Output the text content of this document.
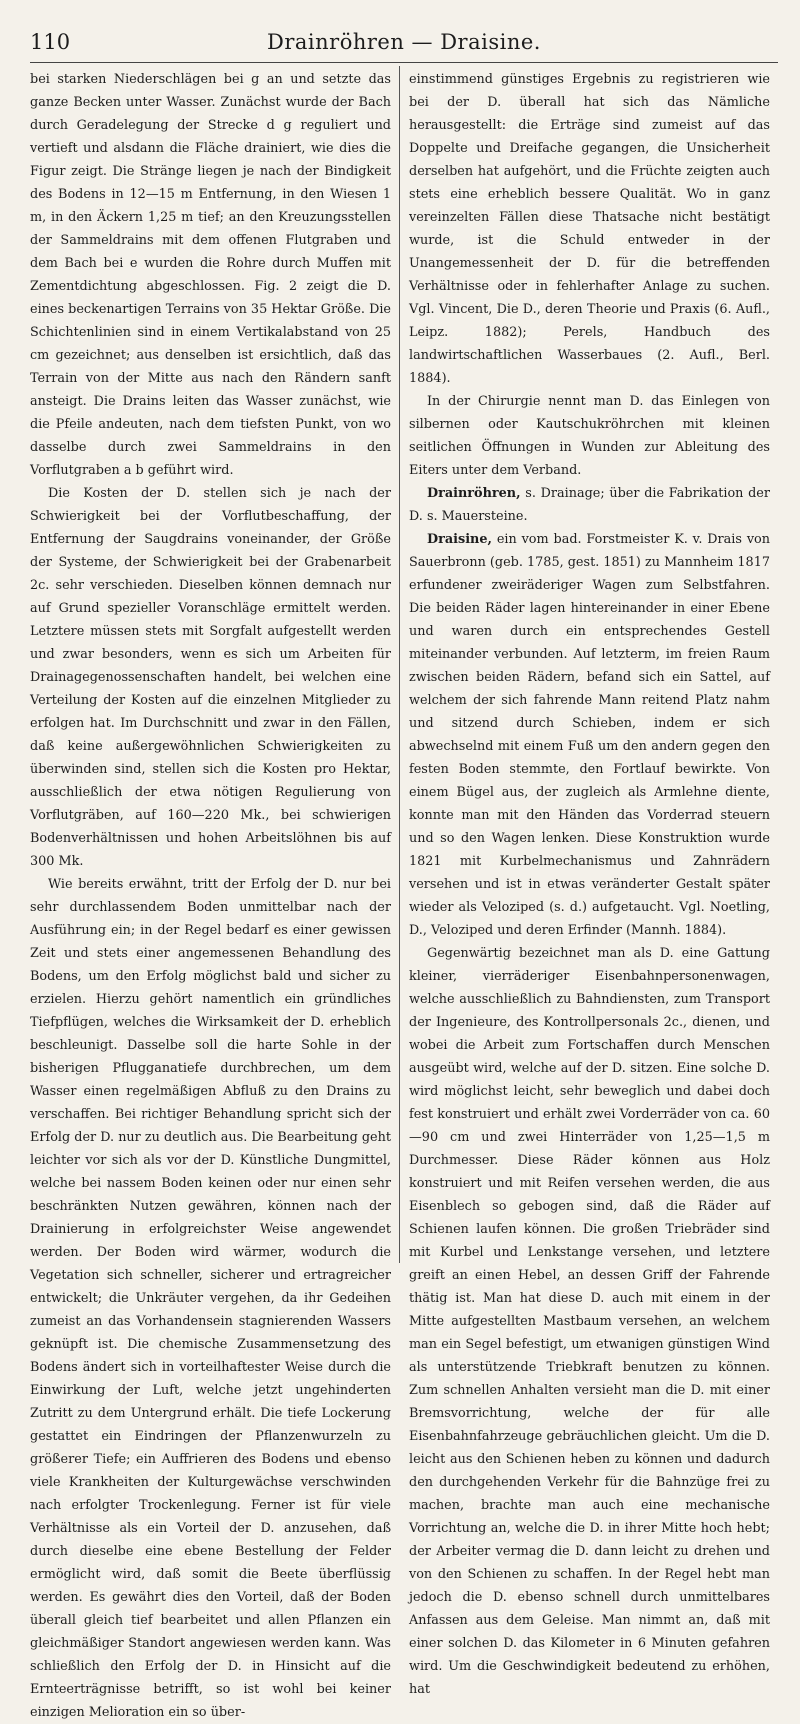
110	Drainröhren — Draisine.

bei starken Niederschlägen bei g an und setzte das ganze Becken unter Wasser. Zunächst wurde der Bach durch Geradelegung der Strecke d g reguliert und vertieft und alsdann die Fläche drainiert, wie dies die Figur zeigt. Die Stränge liegen je nach der Bindigkeit des Bodens in 12—15 m Entfernung, in den Wiesen 1 m, in den Äckern 1,25 m tief; an den Kreuzungsstellen der Sammeldrains mit dem offenen Flutgraben und dem Bach bei e wurden die Rohre durch Muffen mit Zementdichtung abgeschlossen. Fig. 2 zeigt die D. eines beckenartigen Terrains von 35 Hektar Größe. Die Schichtenlinien sind in einem Vertikalabstand von 25 cm gezeichnet; aus denselben ist ersichtlich, daß das Terrain von der Mitte aus nach den Rändern sanft ansteigt. Die Drains leiten das Wasser zunächst, wie die Pfeile andeuten, nach dem tiefsten Punkt, von wo dasselbe durch zwei Sammeldrains in den Vorflutgraben a b geführt wird.

Die Kosten der D. stellen sich je nach der Schwierigkeit bei der Vorflutbeschaffung, der Entfernung der Saugdrains voneinander, der Größe der Systeme, der Schwierigkeit bei der Grabenarbeit 2c. sehr verschieden. Dieselben können demnach nur auf Grund spezieller Voranschläge ermittelt werden. Letztere müssen stets mit Sorgfalt aufgestellt werden und zwar besonders, wenn es sich um Arbeiten für Drainagegenossenschaften handelt, bei welchen eine Verteilung der Kosten auf die einzelnen Mitglieder zu erfolgen hat. Im Durchschnitt und zwar in den Fällen, daß keine außergewöhnlichen Schwierigkeiten zu überwinden sind, stellen sich die Kosten pro Hektar, ausschließlich der etwa nötigen Regulierung von Vorflutgräben, auf 160—220 Mk., bei schwierigen Bodenverhältnissen und hohen Arbeitslöhnen bis auf 300 Mk.

Wie bereits erwähnt, tritt der Erfolg der D. nur bei sehr durchlassendem Boden unmittelbar nach der Ausführung ein; in der Regel bedarf es einer gewissen Zeit und stets einer angemessenen Behandlung des Bodens, um den Erfolg möglichst bald und sicher zu erzielen. Hierzu gehört namentlich ein gründliches Tiefpflügen, welches die Wirksamkeit der D. erheblich beschleunigt. Dasselbe soll die harte Sohle in der bisherigen Pflugganatiefe durchbrechen, um dem Wasser einen regelmäßigen Abfluß zu den Drains zu verschaffen. Bei richtiger Behandlung spricht sich der Erfolg der D. nur zu deutlich aus. Die Bearbeitung geht leichter vor sich als vor der D. Künstliche Dungmittel, welche bei nassem Boden keinen oder nur einen sehr beschränkten Nutzen gewähren, können nach der Drainierung in erfolgreichster Weise angewendet werden. Der Boden wird wärmer, wodurch die Vegetation sich schneller, sicherer und ertragreicher entwickelt; die Unkräuter vergehen, da ihr Gedeihen zumeist an das Vorhandensein stagnierenden Wassers geknüpft ist. Die chemische Zusammensetzung des Bodens ändert sich in vorteilhaftester Weise durch die Einwirkung der Luft, welche jetzt ungehinderten Zutritt zu dem Untergrund erhält. Die tiefe Lockerung gestattet ein Eindringen der Pflanzenwurzeln zu größerer Tiefe; ein Auffrieren des Bodens und ebenso viele Krankheiten der Kulturgewächse verschwinden nach erfolgter Trockenlegung. Ferner ist für viele Verhältnisse als ein Vorteil der D. anzusehen, daß durch dieselbe eine ebene Bestellung der Felder ermöglicht wird, daß somit die Beete überflüssig werden. Es gewährt dies den Vorteil, daß der Boden überall gleich tief bearbeitet und allen Pflanzen ein gleichmäßiger Standort angewiesen werden kann. Was schließlich den Erfolg der D. in Hinsicht auf die Ernteerträgnisse betrifft, so ist wohl bei keiner einzigen Melioration ein so über-

einstimmend günstiges Ergebnis zu registrieren wie bei der D. überall hat sich das Nämliche herausgestellt: die Erträge sind zumeist auf das Doppelte und Dreifache gegangen, die Unsicherheit derselben hat aufgehört, und die Früchte zeigten auch stets eine erheblich bessere Qualität. Wo in ganz vereinzelten Fällen diese Thatsache nicht bestätigt wurde, ist die Schuld entweder in der Unangemessenheit der D. für die betreffenden Verhältnisse oder in fehlerhafter Anlage zu suchen. Vgl. Vincent, Die D., deren Theorie und Praxis (6. Aufl., Leipz. 1882); Perels, Handbuch des landwirtschaftlichen Wasserbaues (2. Aufl., Berl. 1884).

In der Chirurgie nennt man D. das Einlegen von silbernen oder Kautschukröhrchen mit kleinen seitlichen Öffnungen in Wunden zur Ableitung des Eiters unter dem Verband.

Drainröhren, s. Drainage; über die Fabrikation der D. s. Mauersteine.

Draisine, ein vom bad. Forstmeister K. v. Drais von Sauerbronn (geb. 1785, gest. 1851) zu Mannheim 1817 erfundener zweiräderiger Wagen zum Selbstfahren. Die beiden Räder lagen hintereinander in einer Ebene und waren durch ein entsprechendes Gestell miteinander verbunden. Auf letzterm, im freien Raum zwischen beiden Rädern, befand sich ein Sattel, auf welchem der sich fahrende Mann reitend Platz nahm und sitzend durch Schieben, indem er sich abwechselnd mit einem Fuß um den andern gegen den festen Boden stemmte, den Fortlauf bewirkte. Von einem Bügel aus, der zugleich als Armlehne diente, konnte man mit den Händen das Vorderrad steuern und so den Wagen lenken. Diese Konstruktion wurde 1821 mit Kurbelmechanismus und Zahnrädern versehen und ist in etwas veränderter Gestalt später wieder als Veloziped (s. d.) aufgetaucht. Vgl. Noetling, D., Veloziped und deren Erfinder (Mannh. 1884).

Gegenwärtig bezeichnet man als D. eine Gattung kleiner, vierräderiger Eisenbahnpersonenwagen, welche ausschließlich zu Bahndiensten, zum Transport der Ingenieure, des Kontrollpersonals 2c., dienen, und wobei die Arbeit zum Fortschaffen durch Menschen ausgeübt wird, welche auf der D. sitzen. Eine solche D. wird möglichst leicht, sehr beweglich und dabei doch fest konstruiert und erhält zwei Vorderräder von ca. 60—90 cm und zwei Hinterräder von 1,25—1,5 m Durchmesser. Diese Räder können aus Holz konstruiert und mit Reifen versehen werden, die aus Eisenblech so gebogen sind, daß die Räder auf Schienen laufen können. Die großen Triebräder sind mit Kurbel und Lenkstange versehen, und letztere greift an einen Hebel, an dessen Griff der Fahrende thätig ist. Man hat diese D. auch mit einem in der Mitte aufgestellten Mastbaum versehen, an welchem man ein Segel befestigt, um etwanigen günstigen Wind als unterstützende Triebkraft benutzen zu können. Zum schnellen Anhalten versieht man die D. mit einer Bremsvorrichtung, welche der für alle Eisenbahnfahrzeuge gebräuchlichen gleicht. Um die D. leicht aus den Schienen heben zu können und dadurch den durchgehenden Verkehr für die Bahnzüge frei zu machen, brachte man auch eine mechanische Vorrichtung an, welche die D. in ihrer Mitte hoch hebt; der Arbeiter vermag die D. dann leicht zu drehen und von den Schienen zu schaffen. In der Regel hebt man jedoch die D. ebenso schnell durch unmittelbares Anfassen aus dem Geleise. Man nimmt an, daß mit einer solchen D. das Kilometer in 6 Minuten gefahren wird. Um die Geschwindigkeit bedeutend zu erhöhen, hat
